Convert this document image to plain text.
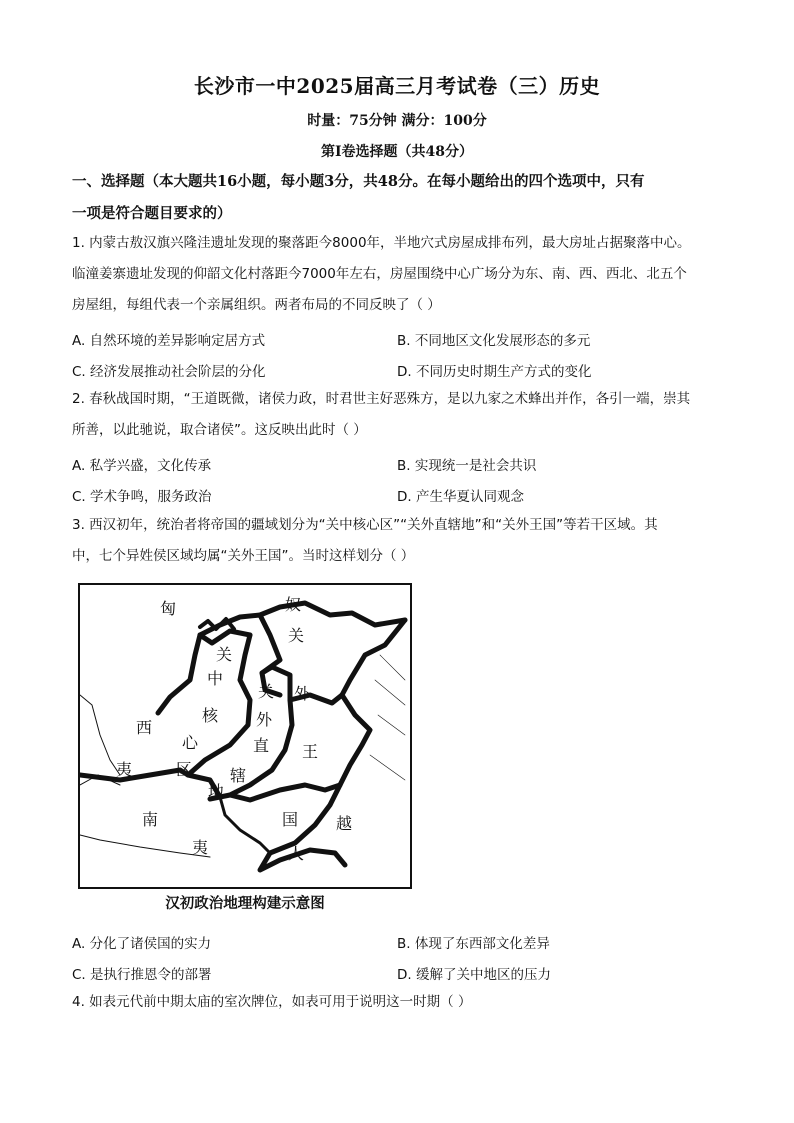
长沙市一中2025届高三月考试卷（三）历史
时量：75分钟 满分：100分
第Ⅰ卷选择题（共48分）
一、选择题（本大题共16小题，每小题3分，共48分。在每小题给出的四个选项中，只有
一项是符合题目要求的）
1. 内蒙古敖汉旗兴隆洼遗址发现的聚落距今8000年，半地穴式房屋成排布列，最大房址占据聚落中心。
临潼姜寨遗址发现的仰韶文化村落距今7000年左右，房屋围绕中心广场分为东、南、西、西北、北五个
房屋组，每组代表一个亲属组织。两者布局的不同反映了（ ）
A. 自然环境的差异影响定居方式	B. 不同地区文化发展形态的多元
C. 经济发展推动社会阶层的分化	D. 不同历史时期生产方式的变化
2. 春秋战国时期，“王道既微，诸侯力政，时君世主好恶殊方，是以九家之术蜂出并作，各引一端，崇其
所善，以此驰说，取合诸侯”。这反映出此时（ ）
A. 私学兴盛，文化传承	B. 实现统一是社会共识
C. 学术争鸣，服务政治	D. 产生华夏认同观念
3. 西汉初年，统治者将帝国的疆域划分为“关中核心区”“关外直辖地”和“关外王国”等若干区域。其
中，七个异姓侯区域均属“关外王国”。当时这样划分（ ）
匈	奴
关
中
核
心
区
西
夷
关
外
直
辖
地
关
外
王
国 越
人
南
夷
汉初政治地理构建示意图
A. 分化了诸侯国的实力	B. 体现了东西部文化差异
C. 是执行推恩令的部署	D. 缓解了关中地区的压力
4. 如表元代前中期太庙的室次牌位，如表可用于说明这一时期（ ）
